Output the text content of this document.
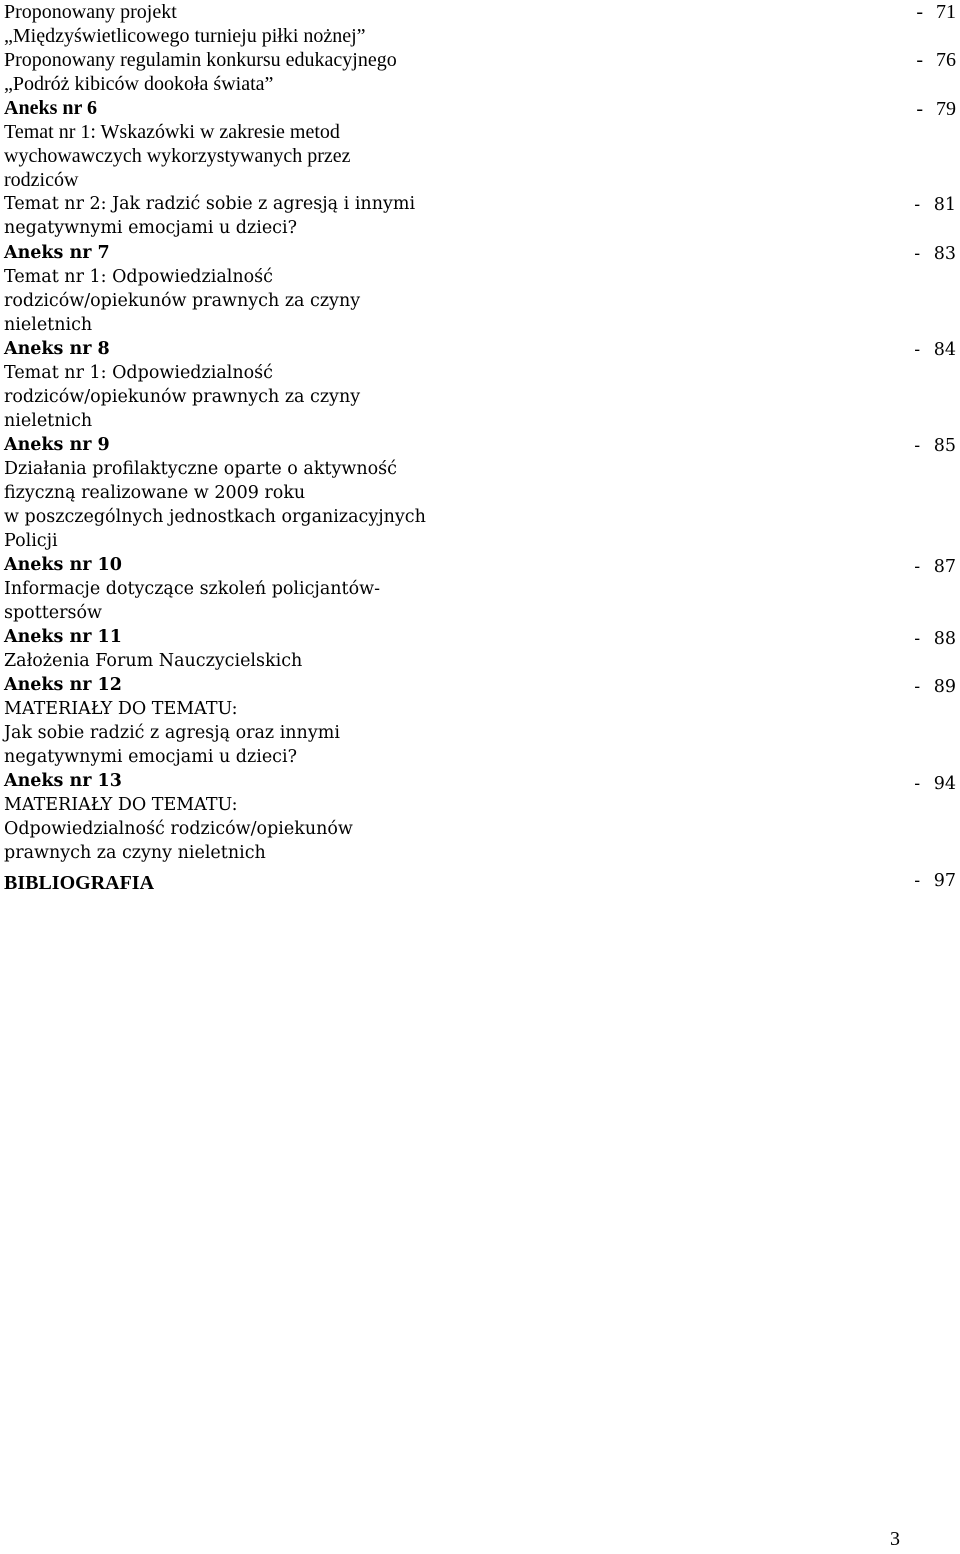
Proponowany projekt
„Międzyświetlicowego turnieju piłki nożnej”
Proponowany regulamin konkursu edukacyjnego
„Podróż kibiców dookoła świata”
Aneks nr 6
Temat nr 1: Wskazówki w zakresie metod
wychowawczych wykorzystywanych przez
rodziców
Temat nr 2: Jak radzić sobie z agresją i innymi
negatywnymi emocjami u dzieci?
Aneks nr 7
Temat nr 1: Odpowiedzialność
rodziców/opiekunów prawnych za czyny
nieletnich
Aneks nr 8
Temat nr 1: Odpowiedzialność
rodziców/opiekunów prawnych za czyny
nieletnich
Aneks nr 9
Działania profilaktyczne oparte o aktywność
fizyczną realizowane w 2009 roku
w poszczególnych jednostkach organizacyjnych
Policji
Aneks nr 10
Informacje dotyczące szkoleń policjantów-
spottersów
Aneks nr 11
Założenia Forum Nauczycielskich
Aneks nr 12
MATERIAŁY DO TEMATU:
Jak sobie radzić z agresją oraz innymi
negatywnymi emocjami u dzieci?
Aneks nr 13
MATERIAŁY DO TEMATU:
Odpowiedzialność rodziców/opiekunów
prawnych za czyny nieletnich
BIBLIOGRAFIA
- 71
- 76
- 79
- 81
- 83
- 84
- 85
- 87
- 88
- 89
- 94
- 97
3
